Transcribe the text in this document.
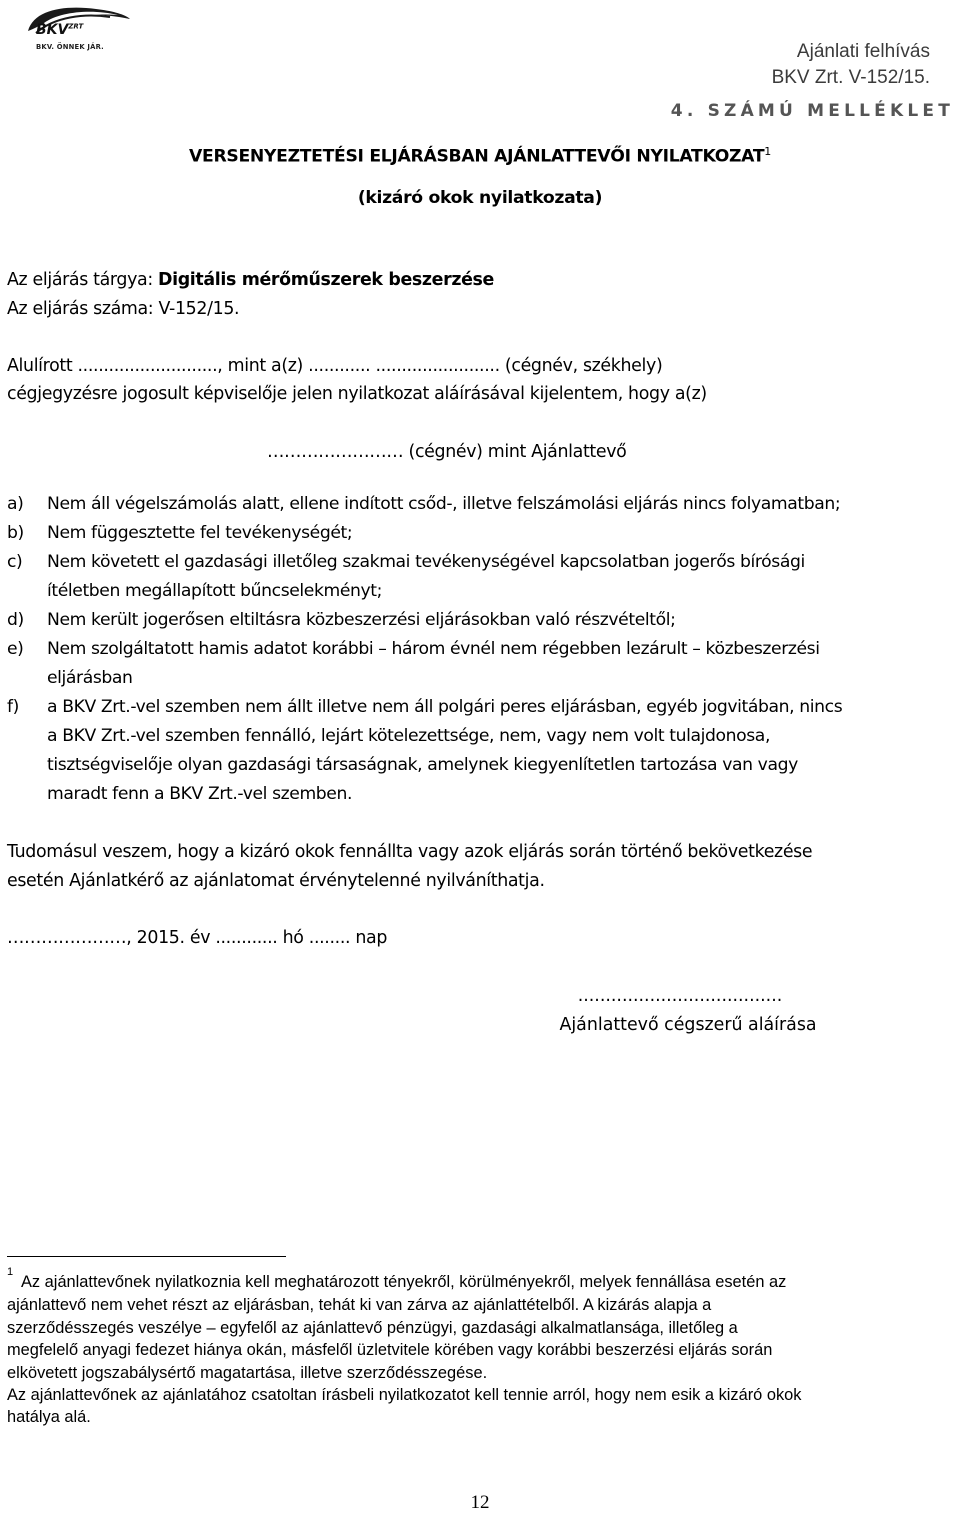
$BKV^{ZRT}$
BKV. ÖNNEK JÁR.	Ajánlati felhívás
BKV Zrt. V-152/15.
4. SZÁMÚ MELLÉKLET
VERSENYEZTETÉSI ELJÁRÁSBAN AJÁNLATTEVŐI NYILATKOZAT$^1$
(kizáró okok nyilatkozata)
Az eljárás tárgya: Digitális mérőműszerek beszerzése
Az eljárás száma: V-152/15.
Alulírott ..........................., mint a(z) ............ ........................ (cégnév, székhely)
cégjegyzésre jogosult képviselője jelen nyilatkozat aláírásával kijelentem, hogy a(z)
…………………… (cégnév) mint Ajánlattevő
a) Nem áll végelszámolás alatt, ellene indított csőd-, illetve felszámolási eljárás nincs folyamatban;
b) Nem függesztette fel tevékenységét;
c) Nem követett el gazdasági illetőleg szakmai tevékenységével kapcsolatban jogerős bírósági
ítéletben megállapított bűncselekményt;
d) Nem került jogerősen eltiltásra közbeszerzési eljárásokban való részvételtől;
e) Nem szolgáltatott hamis adatot korábbi – három évnél nem régebben lezárult – közbeszerzési
eljárásban
f) a BKV Zrt.-vel szemben nem állt illetve nem áll polgári peres eljárásban, egyéb jogvitában, nincs
a BKV Zrt.-vel szemben fennálló, lejárt kötelezettsége, nem, vagy nem volt tulajdonosa,
tisztségviselője olyan gazdasági társaságnak, amelynek kiegyenlítetlen tartozása van vagy
maradt fenn a BKV Zrt.-vel szemben.
Tudomásul veszem, hogy a kizáró okok fennállta vagy azok eljárás során történő bekövetkezése
esetén Ajánlatkérő az ajánlatomat érvénytelenné nyilváníthatja.
…………………, 2015. év ............ hó ........ nap
.....................................
Ajánlattevő cégszerű aláírása
1
Az ajánlattevőnek nyilatkoznia kell meghatározott tényekről, körülményekről, melyek fennállása esetén az
ajánlattevő nem vehet részt az eljárásban, tehát ki van zárva az ajánlattételből. A kizárás alapja a
szerződésszegés veszélye – egyfelől az ajánlattevő pénzügyi, gazdasági alkalmatlansága, illetőleg a
megfelelő anyagi fedezet hiánya okán, másfelől üzletvitele körében vagy korábbi beszerzési eljárás során
elkövetett jogszabálysértő magatartása, illetve szerződésszegése.
Az ajánlattevőnek az ajánlatához csatoltan írásbeli nyilatkozatot kell tennie arról, hogy nem esik a kizáró okok
hatálya alá.
12
